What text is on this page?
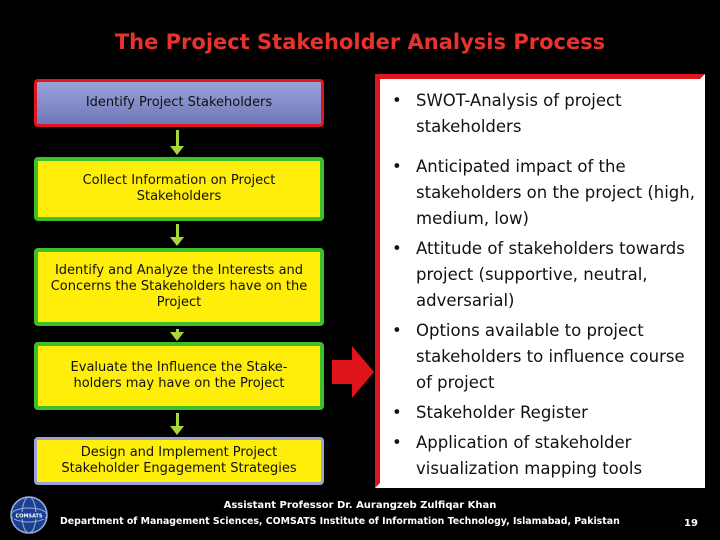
The Project Stakeholder Analysis Process
Identify Project Stakeholders
Collect Information on Project Stakeholders
Identify and Analyze the Interests and Concerns the Stakeholders have on the Project
Evaluate the Influence the Stake-holders may have on the Project
Design and Implement Project Stakeholder Engagement Strategies
• SWOT-Analysis of project stakeholders
• Anticipated impact of the stakeholders on the project (high, medium, low)
• Attitude of stakeholders towards project (supportive, neutral, adversarial)
• Options available to project stakeholders to influence course of project
• Stakeholder Register
• Application of stakeholder visualization mapping tools
COMSATS
Assistant Professor Dr. Aurangzeb Zulfiqar Khan
Department of Management Sciences, COMSATS Institute of Information Technology, Islamabad, Pakistan	19
